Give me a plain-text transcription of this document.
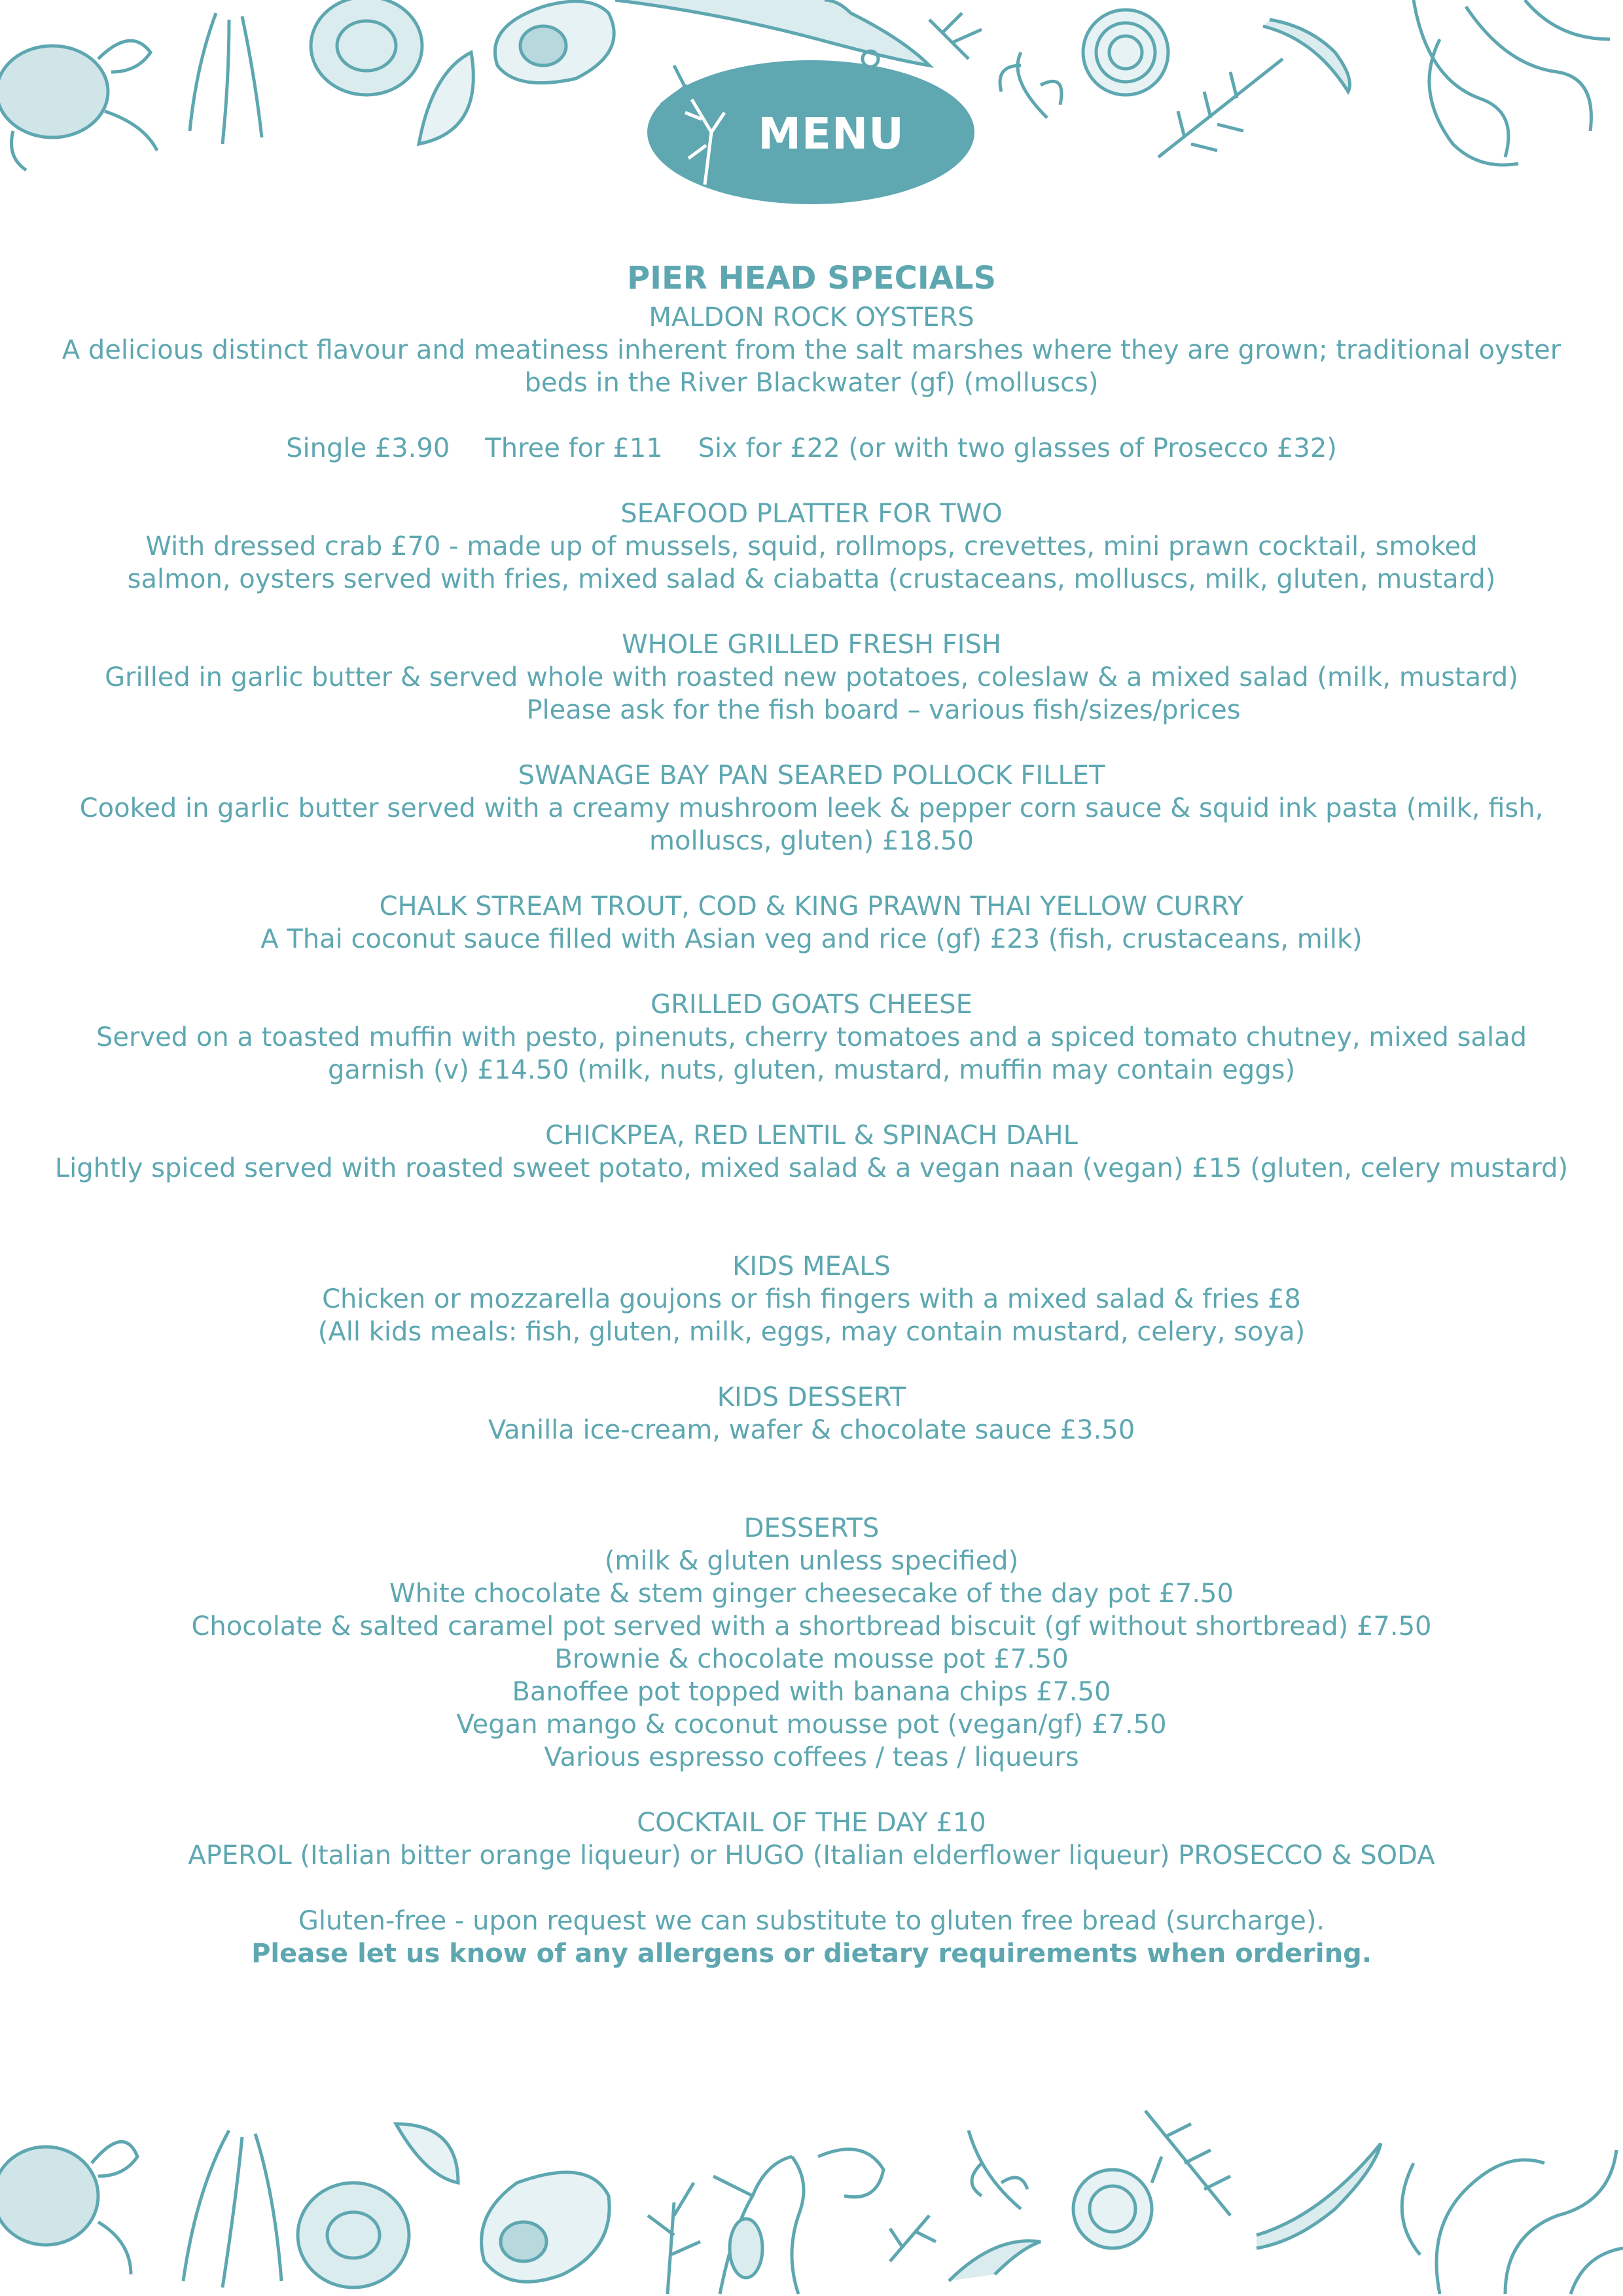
MENU

PIER HEAD SPECIALS

MALDON ROCK OYSTERS

A delicious distinct flavour and meatiness inherent from the salt marshes where they are grown; traditional oyster beds in the River Blackwater (gf) (molluscs)

Single £3.90 Three for £11 Six for £22 (or with two glasses of Prosecco £32)

SEAFOOD PLATTER FOR TWO

With dressed crab £70 - made up of mussels, squid, rollmops, crevettes, mini prawn cocktail, smoked salmon, oysters served with fries, mixed salad & ciabatta (crustaceans, molluscs, milk, gluten, mustard)

WHOLE GRILLED FRESH FISH

Grilled in garlic butter & served whole with roasted new potatoes, coleslaw & a mixed salad (milk, mustard)

Please ask for the fish board – various fish/sizes/prices

SWANAGE BAY PAN SEARED POLLOCK FILLET

Cooked in garlic butter served with a creamy mushroom leek & pepper corn sauce & squid ink pasta (milk, fish, molluscs, gluten) £18.50

CHALK STREAM TROUT, COD & KING PRAWN THAI YELLOW CURRY

A Thai coconut sauce filled with Asian veg and rice (gf) £23 (fish, crustaceans, milk)

GRILLED GOATS CHEESE

Served on a toasted muffin with pesto, pinenuts, cherry tomatoes and a spiced tomato chutney, mixed salad garnish (v) £14.50 (milk, nuts, gluten, mustard, muffin may contain eggs)

CHICKPEA, RED LENTIL & SPINACH DAHL

Lightly spiced served with roasted sweet potato, mixed salad & a vegan naan (vegan) £15 (gluten, celery mustard)

KIDS MEALS

Chicken or mozzarella goujons or fish fingers with a mixed salad & fries £8

(All kids meals: fish, gluten, milk, eggs, may contain mustard, celery, soya)

KIDS DESSERT

Vanilla ice-cream, wafer & chocolate sauce £3.50

DESSERTS

(milk & gluten unless specified)

White chocolate & stem ginger cheesecake of the day pot £7.50

Chocolate & salted caramel pot served with a shortbread biscuit (gf without shortbread) £7.50

Brownie & chocolate mousse pot £7.50

Banoffee pot topped with banana chips £7.50

Vegan mango & coconut mousse pot (vegan/gf) £7.50

Various espresso coffees / teas / liqueurs

COCKTAIL OF THE DAY £10

APEROL (Italian bitter orange liqueur) or HUGO (Italian elderflower liqueur) PROSECCO & SODA

Gluten-free - upon request we can substitute to gluten free bread (surcharge).

Please let us know of any allergens or dietary requirements when ordering.
